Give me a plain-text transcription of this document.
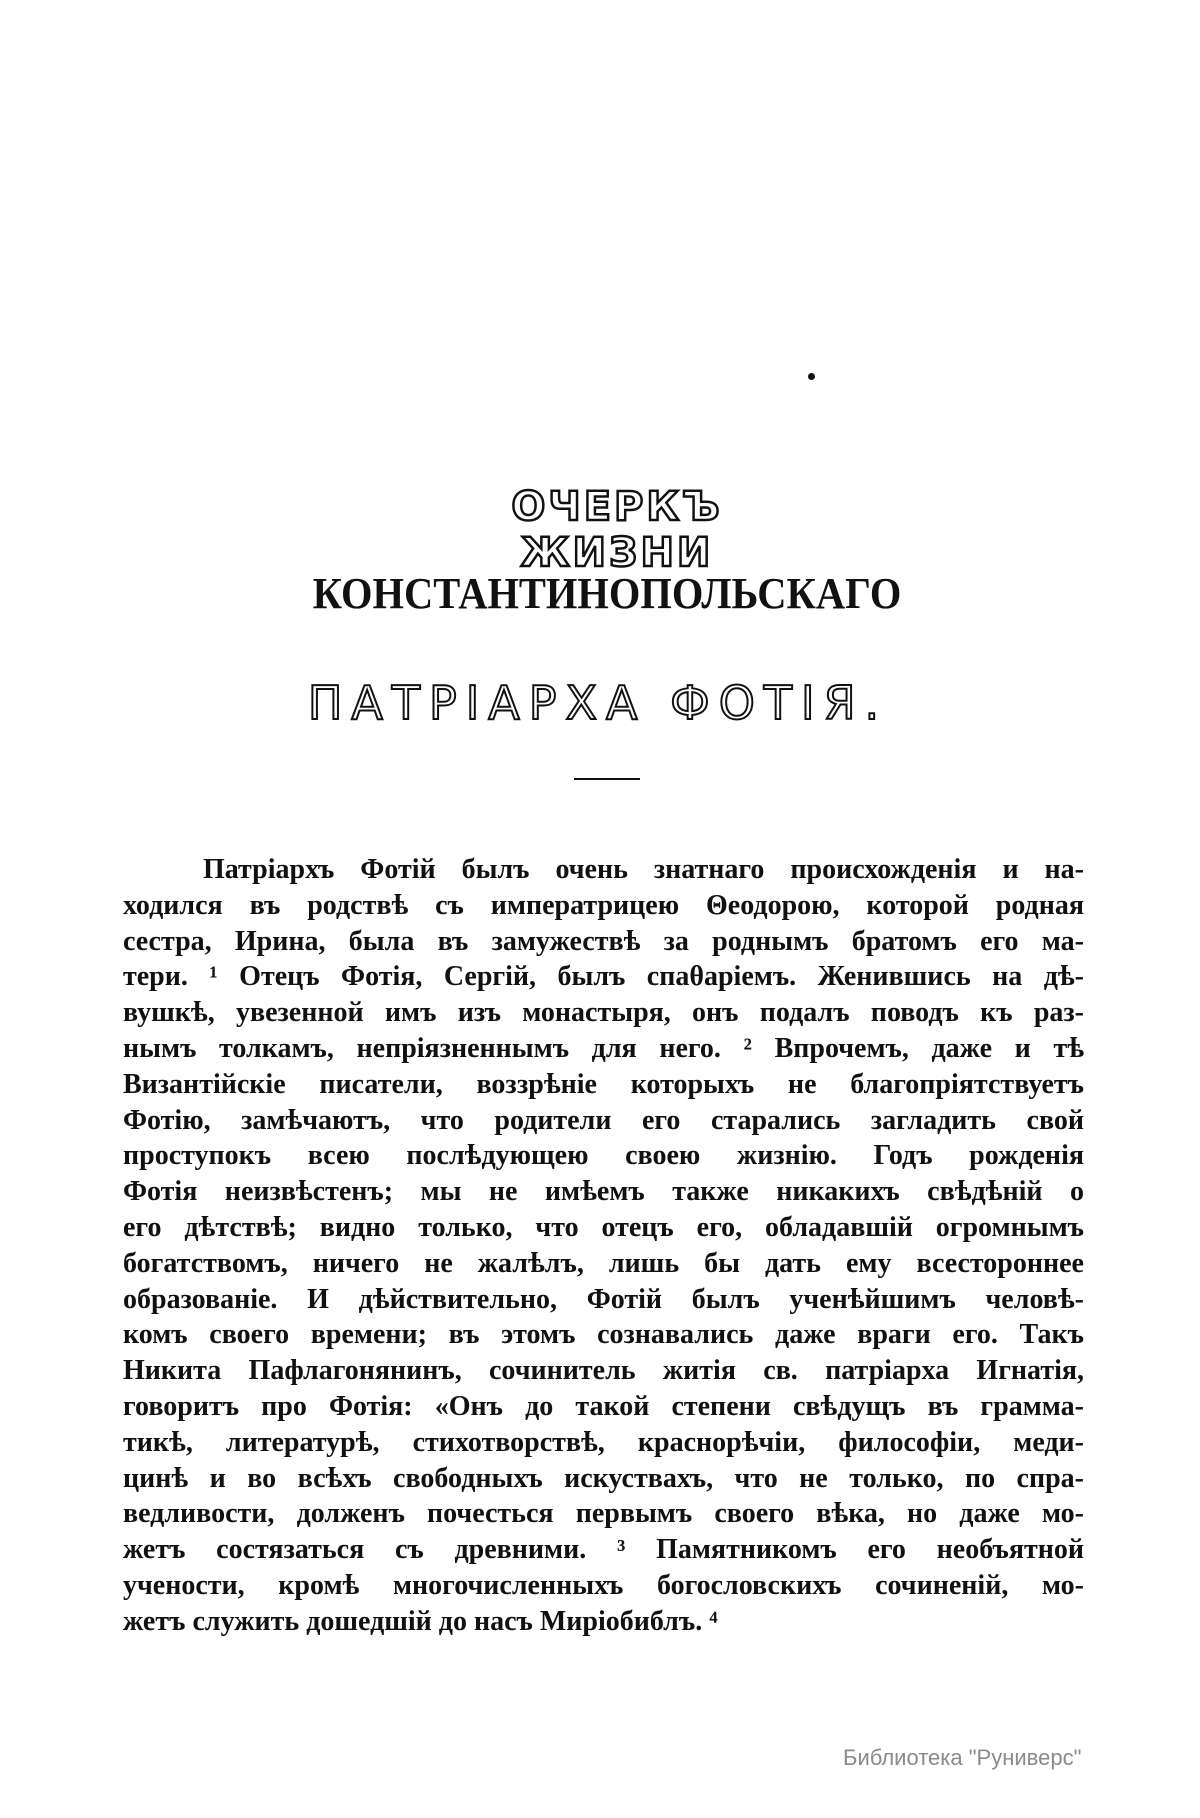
ОЧЕРКЪ ЖИЗНИ
КОНСТАНТИНОПОЛЬСКАГО
ПАТРІАРХА ФОТІЯ.
Патріархъ Фотій былъ очень знатнаго происхожденія и на-
ходился въ родствѣ съ императрицею Θеодорою, которой родная
сестра, Ирина, была въ замужествѣ за роднымъ братомъ его ма-
тери. ¹ Отецъ Фотія, Сергій, былъ спаθаріемъ. Женившись на дѣ-
вушкѣ, увезенной имъ изъ монастыря, онъ подалъ поводъ къ раз-
нымъ толкамъ, непріязненнымъ для него. ² Впрочемъ, даже и тѣ
Византійскіе писатели, воззрѣніе которыхъ не благопріятствуетъ
Фотію, замѣчаютъ, что родители его старались загладить свой
проступокъ всею послѣдующею своею жизнію. Годъ рожденія
Фотія неизвѣстенъ; мы не имѣемъ также никакихъ свѣдѣній о
его дѣтствѣ; видно только, что отецъ его, обладавшій огромнымъ
богатствомъ, ничего не жалѣлъ, лишь бы дать ему всестороннее
образованіе. И дѣйствительно, Фотій былъ ученѣйшимъ человѣ-
комъ своего времени; въ этомъ сознавались даже враги его. Такъ
Никита Пафлагонянинъ, сочинитель житія св. патріарха Игнатія,
говоритъ про Фотія: «Онъ до такой степени свѣдущъ въ грамма-
тикѣ, литературѣ, стихотворствѣ, краснорѣчіи, философіи, меди-
цинѣ и во всѣхъ свободныхъ искуствахъ, что не только, по спра-
ведливости, долженъ почесться первымъ своего вѣка, но даже мо-
жетъ состязаться съ древними. ³ Памятникомъ его необъятной
учености, кромѣ многочисленныхъ богословскихъ сочиненій, мо-
жетъ служить дошедшій до насъ Миріобиблъ. ⁴
Библиотека "Руниверс"
